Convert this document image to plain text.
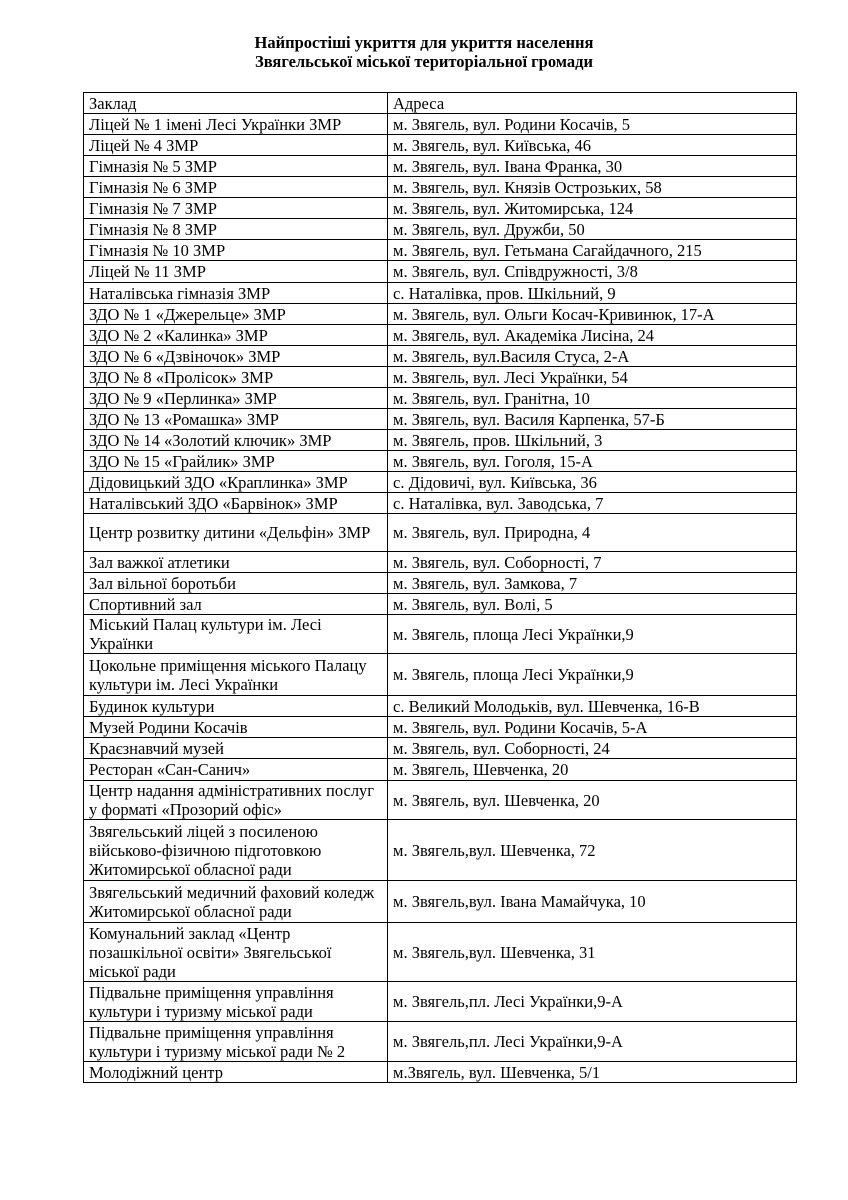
Найпростіші укриття для укриття населення
Звягельської міської територіальної громади
Заклад	Адреса
Ліцей № 1 імені Лесі Українки ЗМР	м. Звягель, вул. Родини Косачів, 5
Ліцей № 4 ЗМР	м. Звягель, вул. Київська, 46
Гімназія № 5 ЗМР	м. Звягель, вул. Івана Франка, 30
Гімназія № 6 ЗМР	м. Звягель, вул. Князів Острозьких, 58
Гімназія № 7 ЗМР	м. Звягель, вул. Житомирська, 124
Гімназія № 8 ЗМР	м. Звягель, вул. Дружби, 50
Гімназія № 10 ЗМР	м. Звягель, вул. Гетьмана Сагайдачного, 215
Ліцей № 11 ЗМР	м. Звягель, вул. Співдружності, 3/8
Наталівська гімназія ЗМР	с. Наталівка, пров. Шкільний, 9
ЗДО № 1 «Джерельце» ЗМР	м. Звягель, вул. Ольги Косач-Кривинюк, 17-А
ЗДО № 2 «Калинка» ЗМР	м. Звягель, вул. Академіка Лисіна, 24
ЗДО № 6 «Дзвіночок» ЗМР	м. Звягель, вул.Василя Стуса, 2-А
ЗДО № 8 «Пролісок» ЗМР	м. Звягель, вул. Лесі Українки, 54
ЗДО № 9 «Перлинка» ЗМР	м. Звягель, вул. Гранітна, 10
ЗДО № 13 «Ромашка» ЗМР	м. Звягель, вул. Василя Карпенка, 57-Б
ЗДО № 14 «Золотий ключик» ЗМР	м. Звягель, пров. Шкільний, 3
ЗДО № 15 «Грайлик» ЗМР	м. Звягель, вул. Гоголя, 15-А
Дідовицький ЗДО «Краплинка» ЗМР	с. Дідовичі, вул. Київська, 36
Наталівський ЗДО «Барвінок» ЗМР	с. Наталівка, вул. Заводська, 7
Центр розвитку дитини «Дельфін» ЗМР	м. Звягель, вул. Природна, 4
Зал важкої атлетики	м. Звягель, вул. Соборності, 7
Зал вільної боротьби	м. Звягель, вул. Замкова, 7
Спортивний зал	м. Звягель, вул. Волі, 5
Міський Палац культури ім. Лесі Українки	м. Звягель, площа Лесі Українки,9
Цокольне приміщення міського Палацу культури ім. Лесі Українки	м. Звягель, площа Лесі Українки,9
Будинок культури	с. Великий Молодьків, вул. Шевченка, 16-В
Музей Родини Косачів	м. Звягель, вул. Родини Косачів, 5-А
Краєзнавчий музей	м. Звягель, вул. Соборності, 24
Ресторан «Сан-Санич»	м. Звягель, Шевченка, 20
Центр надання адміністративних послуг у форматі «Прозорий офіс»	м. Звягель, вул. Шевченка, 20
Звягельський ліцей з посиленою військово-фізичною підготовкою Житомирської обласної ради	м. Звягель,вул. Шевченка, 72
Звягельський медичний фаховий коледж Житомирської обласної ради	м. Звягель,вул. Івана Мамайчука, 10
Комунальний заклад «Центр позашкільної освіти» Звягельської міської ради	м. Звягель,вул. Шевченка, 31
Підвальне приміщення управління культури і туризму міської ради	м. Звягель,пл. Лесі Українки,9-А
Підвальне приміщення управління культури і туризму міської ради № 2	м. Звягель,пл. Лесі Українки,9-А
Молодіжний центр	м.Звягель, вул. Шевченка, 5/1
